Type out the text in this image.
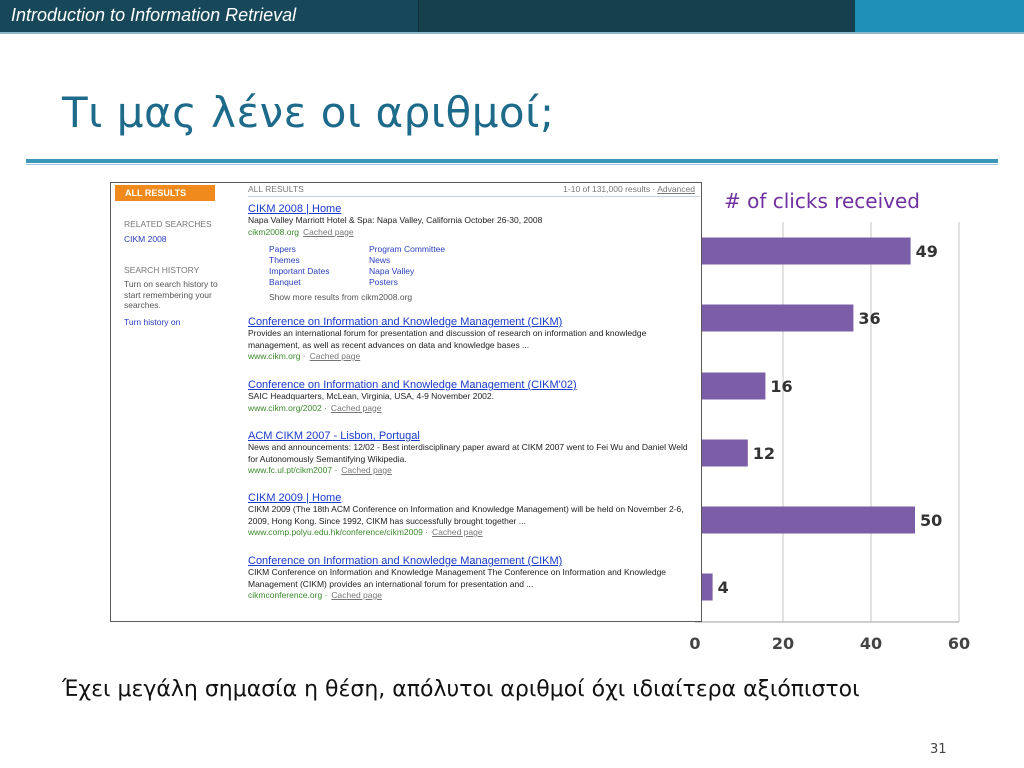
Introduction to Information Retrieval
Τι μας λένε οι αριθμοί;
49
36
16
12
50
4
0	20	40	60
# of clicks received
ALL RESULTS
RELATED SEARCHES
CIKM 2008
SEARCH HISTORY
Turn on search history to start remembering your searches.
Turn history on
ALL RESULTS	1-10 of 131,000 results · Advanced
CIKM 2008 | Home
Napa Valley Marriott Hotel & Spa: Napa Valley, California October 26-30, 2008
cikm2008.org Cached page
Papers	Program Committee
Themes	News
Important Dates	Napa Valley
Banquet	Posters
Show more results from cikm2008.org
Conference on Information and Knowledge Management (CIKM)
Provides an international forum for presentation and discussion of research on information and knowledge management, as well as recent advances on data and knowledge bases ...
www.cikm.org · Cached page
Conference on Information and Knowledge Management (CIKM'02)
SAIC Headquarters, McLean, Virginia, USA, 4-9 November 2002.
www.cikm.org/2002 · Cached page
ACM CIKM 2007 - Lisbon, Portugal
News and announcements: 12/02 - Best interdisciplinary paper award at CIKM 2007 went to Fei Wu and Daniel Weld for Autonomously Semantifying Wikipedia.
www.fc.ul.pt/cikm2007 · Cached page
CIKM 2009 | Home
CIKM 2009 (The 18th ACM Conference on Information and Knowledge Management) will be held on November 2-6, 2009, Hong Kong. Since 1992, CIKM has successfully brought together ...
www.comp.polyu.edu.hk/conference/cikm2009 · Cached page
Conference on Information and Knowledge Management (CIKM)
CIKM Conference on Information and Knowledge Management The Conference on Information and Knowledge Management (CIKM) provides an international forum for presentation and ...
cikmconference.org · Cached page
Έχει μεγάλη σημασία η θέση, απόλυτοι αριθμοί όχι ιδιαίτερα αξιόπιστοι
31
